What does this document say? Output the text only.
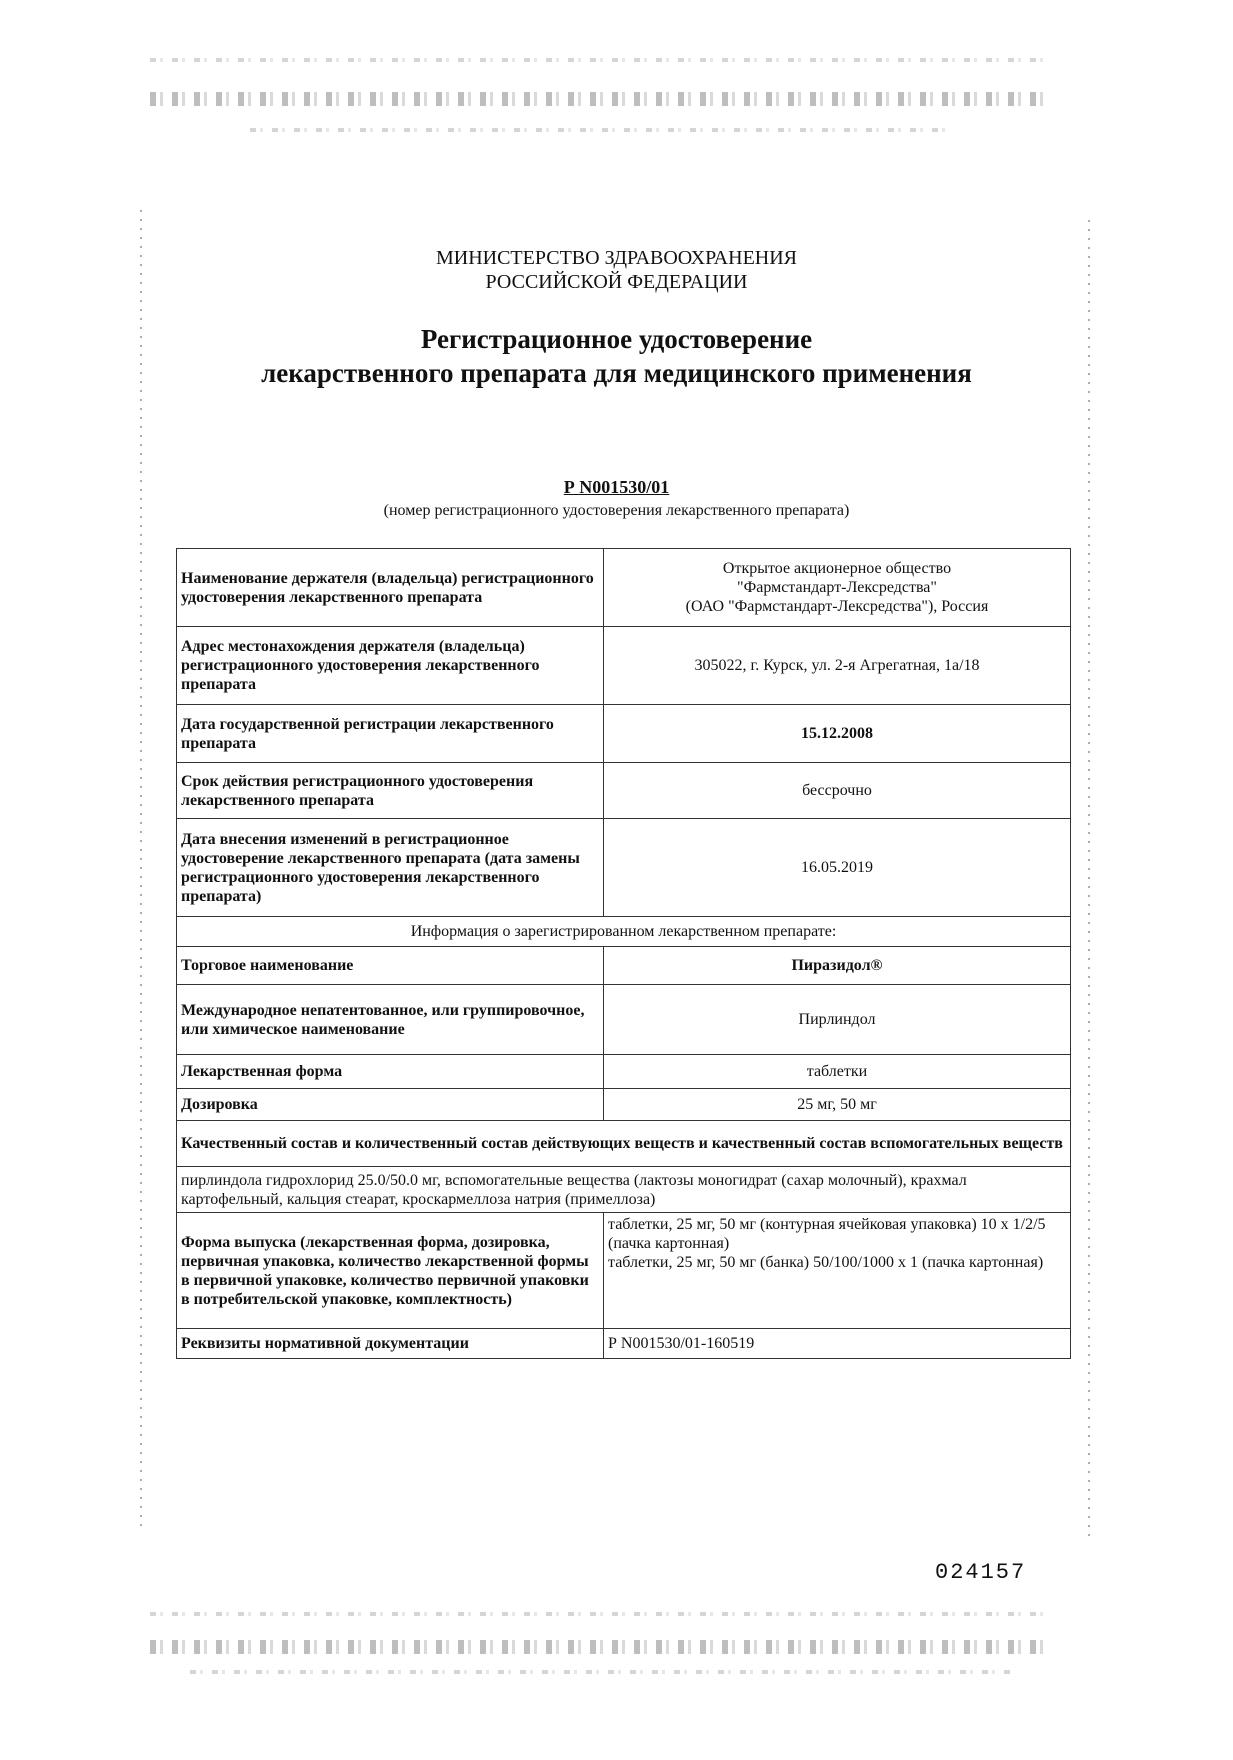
МИНИСТЕРСТВО ЗДРАВООХРАНЕНИЯ
РОССИЙСКОЙ ФЕДЕРАЦИИ
Регистрационное удостоверение
лекарственного препарата для медицинского применения
Р N001530/01
(номер регистрационного удостоверения лекарственного препарата)
Наименование держателя (владельца) регистрационного удостоверения лекарственного препарата	Открытое акционерное общество
"Фармстандарт-Лексредства"
(ОАО "Фармстандарт-Лексредства"), Россия

Адрес местонахождения держателя (владельца) регистрационного удостоверения лекарственного препарата	305022, г. Курск, ул. 2-я Агрегатная, 1а/18
Дата государственной регистрации лекарственного препарата	15.12.2008
Срок действия регистрационного удостоверения лекарственного препарата	бессрочно
Дата внесения изменений в регистрационное удостоверение лекарственного препарата (дата замены регистрационного удостоверения лекарственного препарата)	16.05.2019
Информация о зарегистрированном лекарственном препарате:	
Торговое наименование	Пиразидол®
Международное непатентованное, или группировочное, или химическое наименование	Пирлиндол
Лекарственная форма	таблетки
Дозировка	25 мг, 50 мг
Качественный состав и количественный состав действующих веществ и качественный состав вспомогательных веществ	
пирлиндола гидрохлорид 25.0/50.0 мг, вспомогательные вещества (лактозы моногидрат (сахар молочный), крахмал картофельный, кальция стеарат, кроскармеллоза натрия (примеллоза)	
Форма выпуска (лекарственная форма, дозировка, первичная упаковка, количество лекарственной формы в первичной упаковке, количество первичной упаковки в потребительской упаковке, комплектность)	таблетки, 25 мг, 50 мг (контурная ячейковая упаковка) 10 х 1/2/5 (пачка картонная)
таблетки, 25 мг, 50 мг (банка) 50/100/1000 х 1 (пачка картонная)

Реквизиты нормативной документации	Р N001530/01-160519
024157
